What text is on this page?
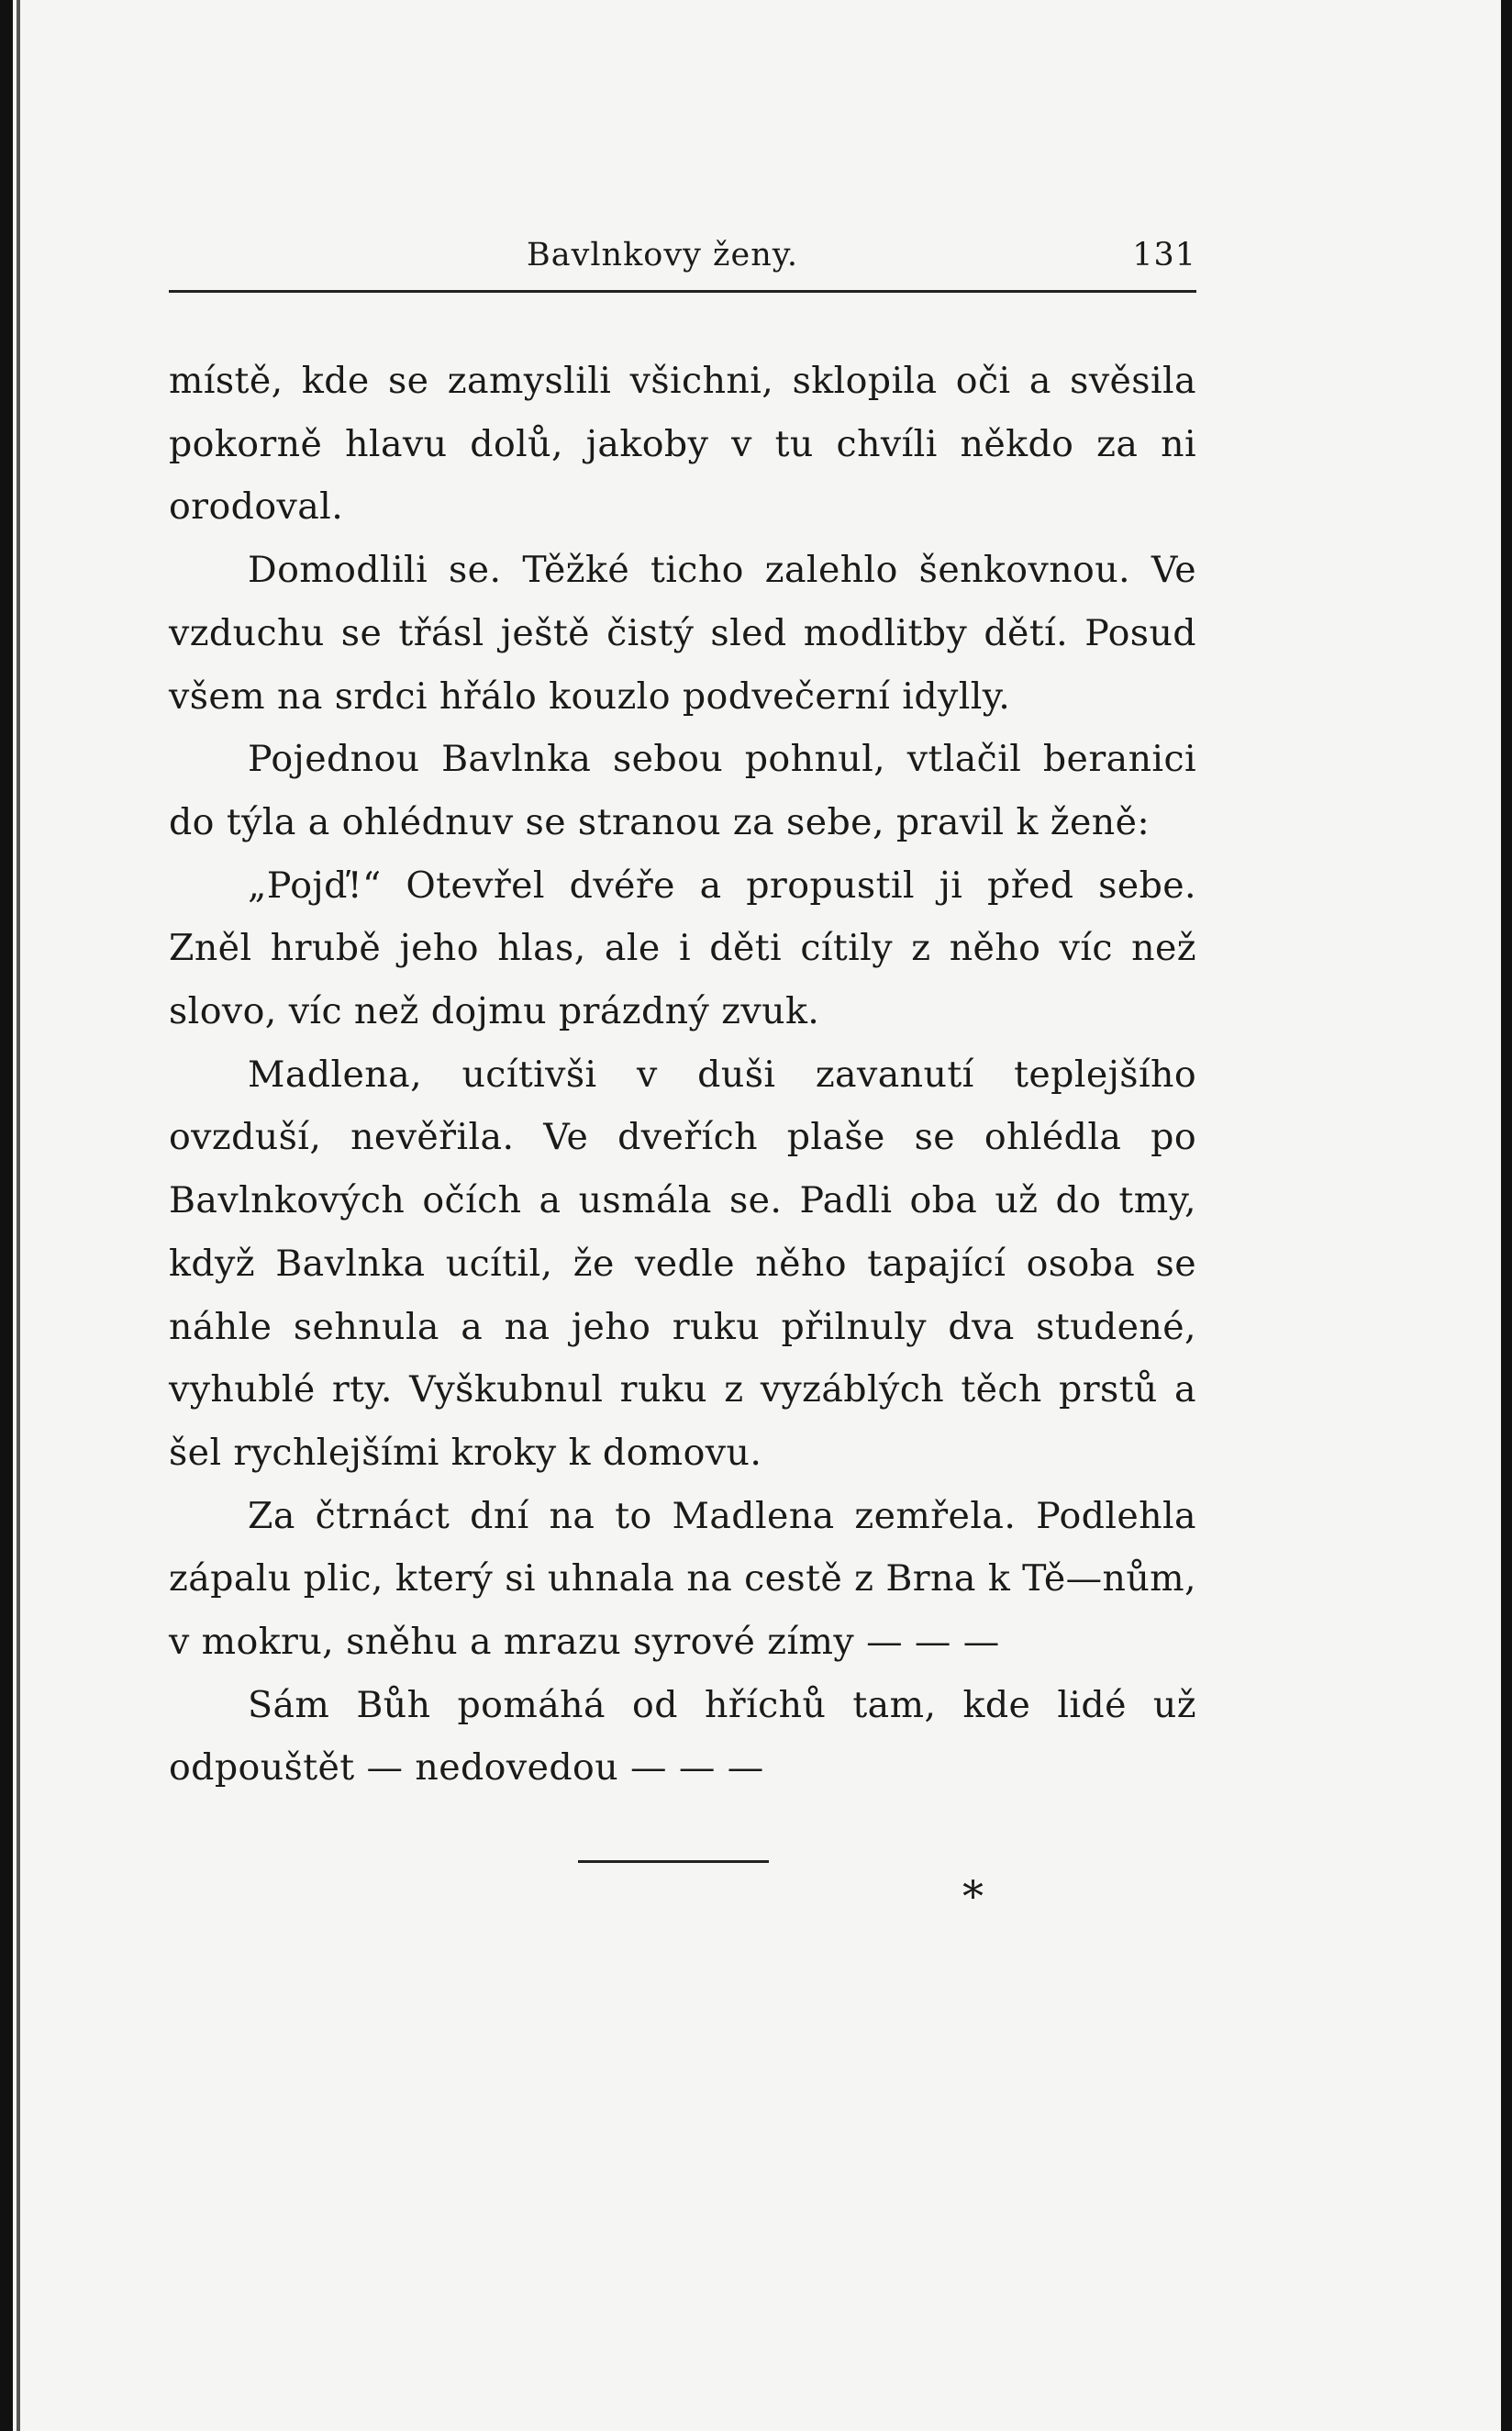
Bavlnkovy ženy.	131

místě, kde se zamyslili všichni, sklopila oči a svěsila pokorně hlavu dolů, jakoby v tu chvíli někdo za ni orodoval.

Domodlili se. Těžké ticho zalehlo šenkovnou. Ve vzduchu se třásl ještě čistý sled modlitby dětí. Posud všem na srdci hřálo kouzlo podvečerní idylly.

Pojednou Bavlnka sebou pohnul, vtlačil beranici do týla a ohlédnuv se stranou za sebe, pravil k ženě:

„Pojď!“ Otevřel dvéře a propustil ji před sebe. Zněl hrubě jeho hlas, ale i děti cítily z něho víc než slovo, víc než dojmu prázdný zvuk.

Madlena, ucítivši v duši zavanutí teplejšího ovzduší, nevěřila. Ve dveřích plaše se ohlédla po Bavlnkových očích a usmála se. Padli oba už do tmy, když Bavlnka ucítil, že vedle něho tapající osoba se náhle sehnula a na jeho ruku přilnuly dva studené, vyhublé rty. Vyškubnul ruku z vyzáblých těch prstů a šel rychlejšími kroky k domovu.

Za čtrnáct dní na to Madlena zemřela. Podlehla zápalu plic, který si uhnala na cestě z Brna k Tě—nům, v mokru, sněhu a mrazu syrové zímy — — —

Sám Bůh pomáhá od hříchů tam, kde lidé už odpouštět — nedovedou — — —

*
